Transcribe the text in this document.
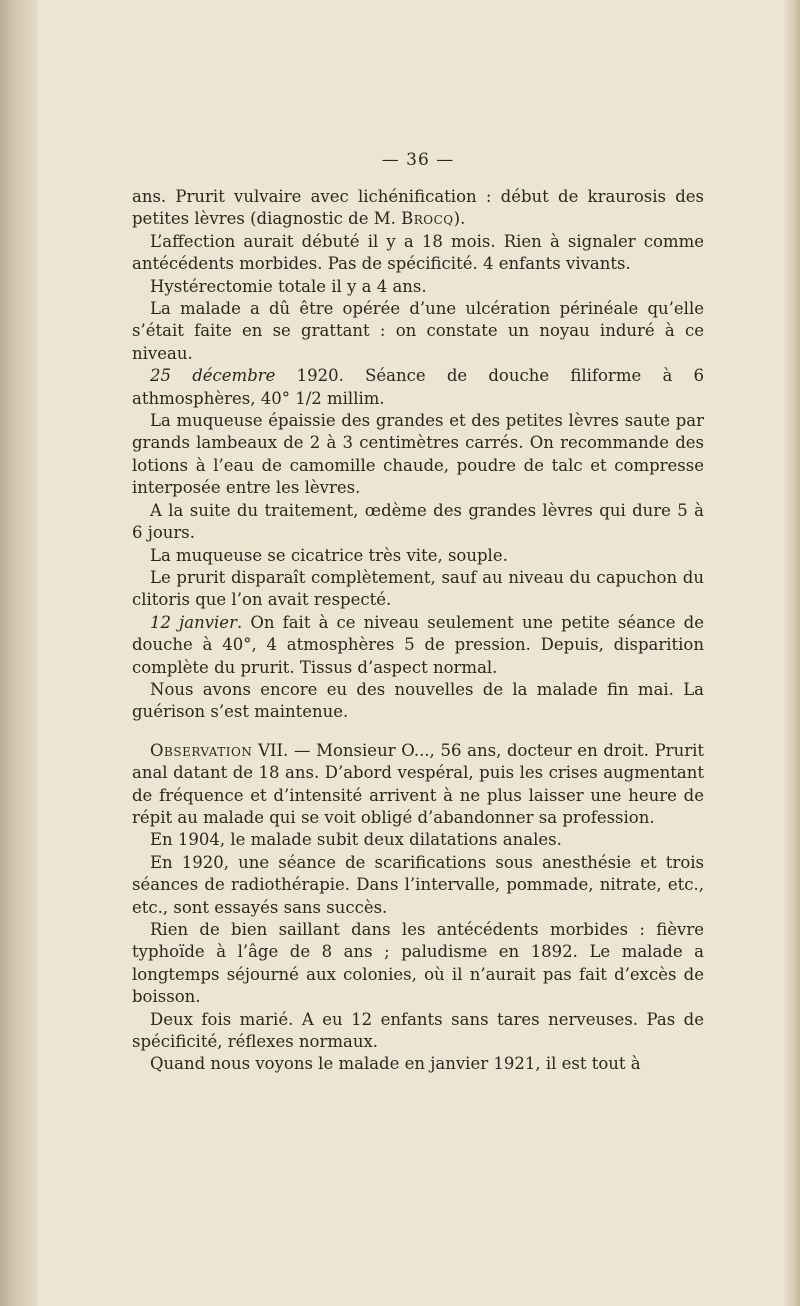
— 36 —

ans. Prurit vulvaire avec lichénification : début de kraurosis des petites lèvres (diagnostic de M. Brocq).

L’affection aurait débuté il y a 18 mois. Rien à signaler comme antécédents morbides. Pas de spécificité. 4 enfants vivants.

Hystérectomie totale il y a 4 ans.

La malade a dû être opérée d’une ulcération périnéale qu’elle s’était faite en se grattant : on constate un noyau induré à ce niveau.

25 décembre 1920. Séance de douche filiforme à 6 athmosphères, 40° 1/2 millim.

La muqueuse épaissie des grandes et des petites lèvres saute par grands lambeaux de 2 à 3 centimètres carrés. On recommande des lotions à l’eau de camomille chaude, poudre de talc et compresse interposée entre les lèvres.

A la suite du traitement, œdème des grandes lèvres qui dure 5 à 6 jours.

La muqueuse se cicatrice très vite, souple.

Le prurit disparaît complètement, sauf au niveau du capuchon du clitoris que l’on avait respecté.

12 janvier. On fait à ce niveau seulement une petite séance de douche à 40°, 4 atmosphères 5 de pression. Depuis, disparition complète du prurit. Tissus d’aspect normal.

Nous avons encore eu des nouvelles de la malade fin mai. La guérison s’est maintenue.

Observation VII. — Monsieur O..., 56 ans, docteur en droit. Prurit anal datant de 18 ans. D’abord vespéral, puis les crises augmentant de fréquence et d’intensité arrivent à ne plus laisser une heure de répit au malade qui se voit obligé d’abandonner sa profession.

En 1904, le malade subit deux dilatations anales.

En 1920, une séance de scarifications sous anesthésie et trois séances de radiothérapie. Dans l’intervalle, pommade, nitrate, etc., etc., sont essayés sans succès.

Rien de bien saillant dans les antécédents morbides : fièvre typhoïde à l’âge de 8 ans ; paludisme en 1892. Le malade a longtemps séjourné aux colonies, où il n’aurait pas fait d’excès de boisson.

Deux fois marié. A eu 12 enfants sans tares nerveuses. Pas de spécificité, réflexes normaux.

Quand nous voyons le malade en janvier 1921, il est tout à
